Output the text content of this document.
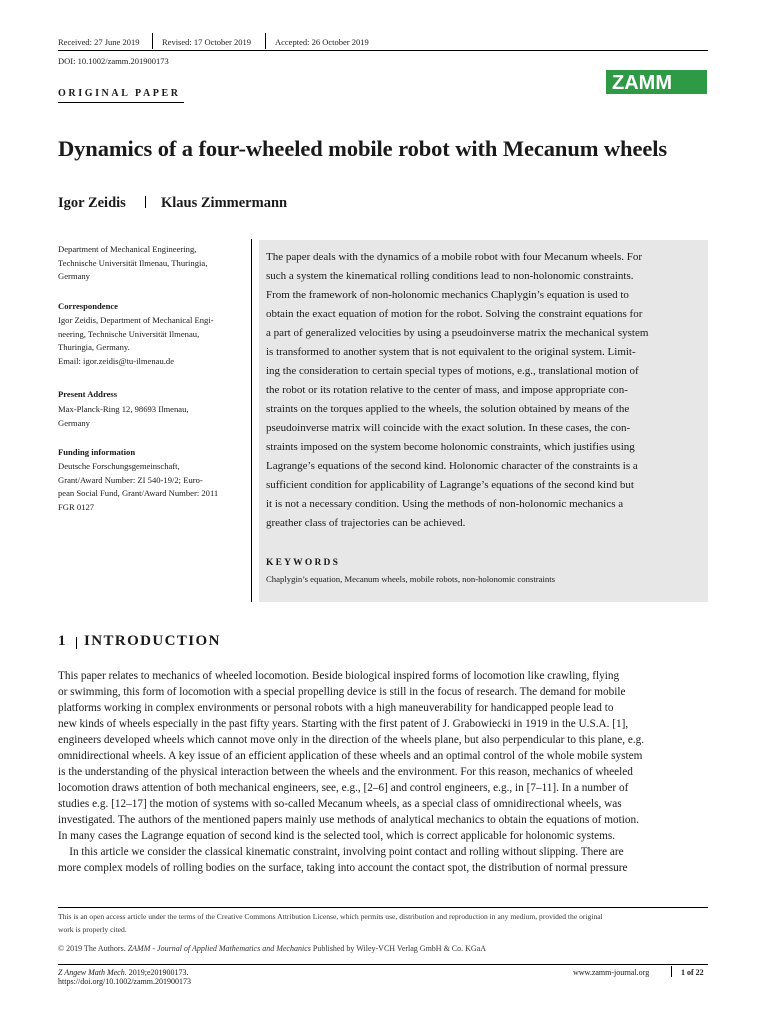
Received: 27 June 2019	Revised: 17 October 2019	Accepted: 26 October 2019
DOI: 10.1002/zamm.201900173
ZAMM
ORIGINAL PAPER
Dynamics of a four-wheeled mobile robot with Mecanum wheels
Igor Zeidis Klaus Zimmermann
Department of Mechanical Engineering,
Technische Universität Ilmenau, Thuringia,
Germany
Correspondence
Igor Zeidis, Department of Mechanical Engi-
neering, Technische Universität Ilmenau,
Thuringia, Germany.
Email: igor.zeidis@tu-ilmenau.de
Present Address
Max-Planck-Ring 12, 98693 Ilmenau,
Germany
Funding information
Deutsche Forschungsgemeinschaft,
Grant/Award Number: ZI 540-19/2; Euro-
pean Social Fund, Grant/Award Number: 2011
FGR 0127
The paper deals with the dynamics of a mobile robot with four Mecanum wheels. For
such a system the kinematical rolling conditions lead to non-holonomic constraints.
From the framework of non-holonomic mechanics Chaplygin’s equation is used to
obtain the exact equation of motion for the robot. Solving the constraint equations for
a part of generalized velocities by using a pseudoinverse matrix the mechanical system
is transformed to another system that is not equivalent to the original system. Limit-
ing the consideration to certain special types of motions, e.g., translational motion of
the robot or its rotation relative to the center of mass, and impose appropriate con-
straints on the torques applied to the wheels, the solution obtained by means of the
pseudoinverse matrix will coincide with the exact solution. In these cases, the con-
straints imposed on the system become holonomic constraints, which justifies using
Lagrange’s equations of the second kind. Holonomic character of the constraints is a
sufficient condition for applicability of Lagrange’s equations of the second kind but
it is not a necessary condition. Using the methods of non-holonomic mechanics a
greather class of trajectories can be achieved.
KEYWORDS
Chaplygin’s equation, Mecanum wheels, mobile robots, non-holonomic constraints
1 INTRODUCTION
This paper relates to mechanics of wheeled locomotion. Beside biological inspired forms of locomotion like crawling, flying
or swimming, this form of locomotion with a special propelling device is still in the focus of research. The demand for mobile
platforms working in complex environments or personal robots with a high maneuverability for handicapped people lead to
new kinds of wheels especially in the past fifty years. Starting with the first patent of J. Grabowiecki in 1919 in the U.S.A. [1],
engineers developed wheels which cannot move only in the direction of the wheels plane, but also perpendicular to this plane, e.g.
omnidirectional wheels. A key issue of an efficient application of these wheels and an optimal control of the whole mobile system
is the understanding of the physical interaction between the wheels and the environment. For this reason, mechanics of wheeled
locomotion draws attention of both mechanical engineers, see, e.g., [2–6] and control engineers, e.g., in [7–11]. In a number of
studies e.g. [12–17] the motion of systems with so-called Mecanum wheels, as a special class of omnidirectional wheels, was
investigated. The authors of the mentioned papers mainly use methods of analytical mechanics to obtain the equations of motion.
In many cases the Lagrange equation of second kind is the selected tool, which is correct applicable for holonomic systems.
In this article we consider the classical kinematic constraint, involving point contact and rolling without slipping. There are
more complex models of rolling bodies on the surface, taking into account the contact spot, the distribution of normal pressure
This is an open access article under the terms of the Creative Commons Attribution License, which permits use, distribution and reproduction in any medium, provided the original
work is properly cited.
© 2019 The Authors. ZAMM - Journal of Applied Mathematics and Mechanics Published by Wiley-VCH Verlag GmbH & Co. KGaA
Z Angew Math Mech. 2019;e201900173.
https://doi.org/10.1002/zamm.201900173
www.zamm-journal.org	1 of 22
